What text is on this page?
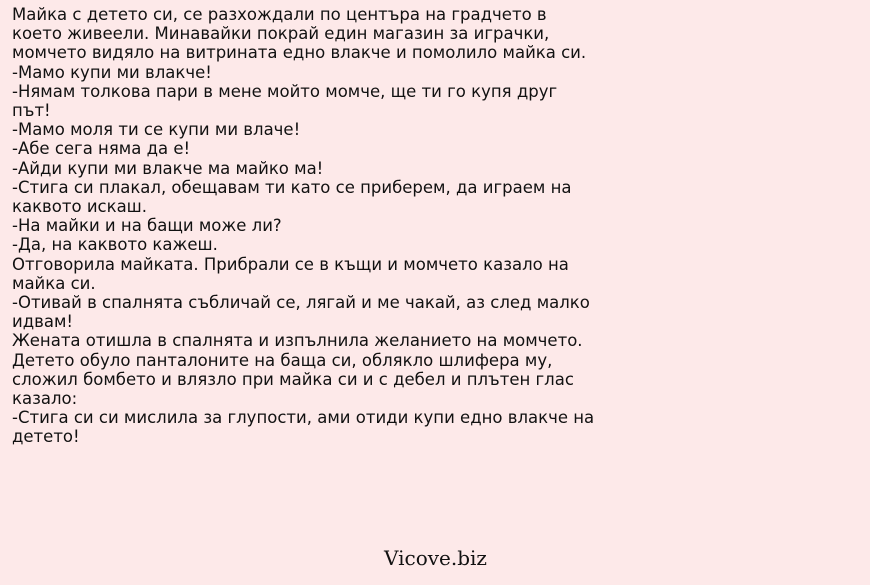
Майка с детето си, се разхождали по центъра на градчето в
което живеели. Минавайки покрай един магазин за играчки,
момчето видяло на витрината едно влакче и помолило майка си.
-Мамо купи ми влакче!
-Нямам толкова пари в мене мойто момче, ще ти го купя друг
път!
-Мамо моля ти се купи ми влаче!
-Абе сега няма да е!
-Айди купи ми влакче ма майко ма!
-Стига си плакал, обещавам ти като се приберем, да играем на
каквото искаш.
-На майки и на бащи може ли?
-Да, на каквото кажеш.
Отговорила майката. Прибрали се в къщи и момчето казало на
майка си.
-Отивай в спалнята събличай се, лягай и ме чакай, аз след малко
идвам!
Жената отишла в спалнята и изпълнила желанието на момчето.
Детето обуло панталоните на баща си, облякло шлифера му,
сложил бомбето и влязло при майка си и с дебел и плътен глас
казало:
-Стига си си мислила за глупости, ами отиди купи едно влакче на
детето!
Vicove.biz
